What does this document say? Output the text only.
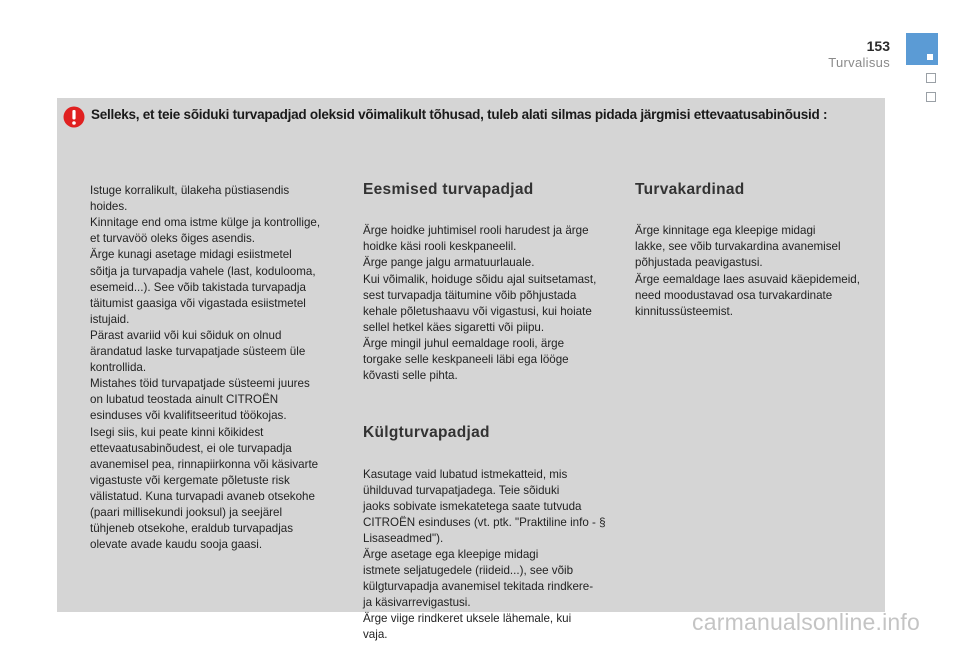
153
Turvalisus
Selleks, et teie sõiduki turvapadjad oleksid võimalikult tõhusad, tuleb alati silmas pidada järgmisi ettevaatusabinõusid :

Istuge korralikult, ülakeha püstiasendis
hoides.
Kinnitage end oma istme külge ja kontrollige,
et turvavöö oleks õiges asendis.
Ärge kunagi asetage midagi esiistmetel
sõitja ja turvapadja vahele (last, koduloomа,
esemeid...). See võib takistada turvapadja
täitumist gaasiga või vigastada esiistmetel
istujaid.
Pärast avariid või kui sõiduk on olnud
ärandatud laske turvapatjade süsteem üle
kontrollida.
Mistahes töid turvapatjade süsteemi juures
on lubatud teostada ainult CITROËN
esinduses või kvalifitseeritud töökojas.
Isegi siis, kui peate kinni kõikidest
ettevaatusabinõudest, ei ole turvapadja
avanemisel pea, rinnapiirkonna või käsivarte
vigastuste või kergemate põletuste risk
välistatud. Kuna turvapadi avaneb otsekohe
(paari millisekundi jooksul) ja seejärel
tühjeneb otsekohe, eraldub turvapadjas
olevate avade kaudu sooja gaasi.

Eesmised turvapadjad

Ärge hoidke juhtimisel rooli harudest ja ärge
hoidke käsi rooli keskpaneelil.
Ärge pange jalgu armatuurlauale.
Kui võimalik, hoiduge sõidu ajal suitsetamast,
sest turvapadja täitumine võib põhjustada
kehale põletushaavu või vigastusi, kui hoiate
sellel hetkel käes sigaretti või piipu.
Ärge mingil juhul eemaldage rooli, ärge
torgake selle keskpaneeli läbi ega lööge
kõvasti selle pihta.

Külgturvapadjad

Kasutage vaid lubatud istmekatteid, mis
ühilduvad turvapatjadega. Teie sõiduki
jaoks sobivate ismekatetega saate tutvuda
CITROËN esinduses (vt. ptk. "Praktiline info - §
Lisaseadmed").
Ärge asetage ega kleepige midagi
istmete seljatugedele (riideid...), see võib
külgturvapadja avanemisel tekitada rindkere-
ja käsivarrevigastusi.
Ärge viige rindkeret uksele lähemale, kui
vaja.

Turvakardinad

Ärge kinnitage ega kleepige midagi
lakke, see võib turvakardina avanemisel
põhjustada peavigastusi.
Ärge eemaldage laes asuvaid käepidemeid,
need moodustavad osa turvakardinate
kinnitussüsteemist.

carmanualsonline.info
